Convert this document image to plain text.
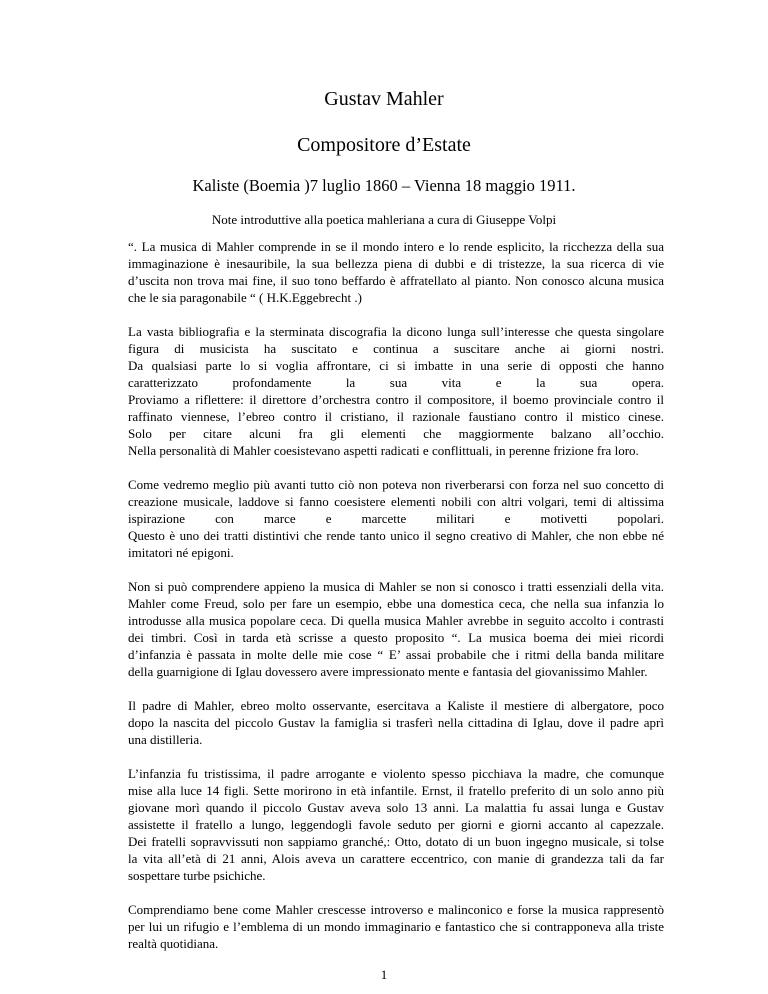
Gustav Mahler
Compositore d’Estate
Kaliste (Boemia )7 luglio 1860 – Vienna 18 maggio 1911.
Note introduttive alla poetica mahleriana a cura di Giuseppe Volpi
“. La musica di Mahler comprende in se il mondo intero e lo rende esplicito, la ricchezza della sua
immaginazione è inesauribile, la sua bellezza piena di dubbi e di tristezze, la sua ricerca di vie
d’uscita non trova mai fine, il suo tono beffardo è affratellato al pianto. Non conosco alcuna musica
che le sia paragonabile “ ( H.K.Eggebrecht .)
La vasta bibliografia e la sterminata discografia la dicono lunga sull’interesse che questa singolare
figura di musicista ha suscitato e continua a suscitare anche ai giorni nostri.
Da qualsiasi parte lo si voglia affrontare, ci si imbatte in una serie di opposti che hanno
caratterizzato profondamente la sua vita e la sua opera.
Proviamo a riflettere: il direttore d’orchestra contro il compositore, il boemo provinciale contro il
raffinato viennese, l’ebreo contro il cristiano, il razionale faustiano contro il mistico cinese.
Solo per citare alcuni fra gli elementi che maggiormente balzano all’occhio.
Nella personalità di Mahler coesistevano aspetti radicati e conflittuali, in perenne frizione fra loro.
Come vedremo meglio più avanti tutto ciò non poteva non riverberarsi con forza nel suo concetto di
creazione musicale, laddove si fanno coesistere elementi nobili con altri volgari, temi di altissima
ispirazione con marce e marcette militari e motivetti popolari.
Questo è uno dei tratti distintivi che rende tanto unico il segno creativo di Mahler, che non ebbe né
imitatori né epigoni.
Non si può comprendere appieno la musica di Mahler se non si conosco i tratti essenziali della vita.
Mahler come Freud, solo per fare un esempio, ebbe una domestica ceca, che nella sua infanzia lo
introdusse alla musica popolare ceca. Di quella musica Mahler avrebbe in seguito accolto i contrasti
dei timbri. Così in tarda età scrisse a questo proposito “. La musica boema dei miei ricordi
d’infanzia è passata in molte delle mie cose “ E’ assai probabile che i ritmi della banda militare
della guarnigione di Iglau dovessero avere impressionato mente e fantasia del giovanissimo Mahler.
Il padre di Mahler, ebreo molto osservante, esercitava a Kaliste il mestiere di albergatore, poco
dopo la nascita del piccolo Gustav la famiglia si trasferì nella cittadina di Iglau, dove il padre aprì
una distilleria.
L’infanzia fu tristissima, il padre arrogante e violento spesso picchiava la madre, che comunque
mise alla luce 14 figli. Sette morirono in età infantile. Ernst, il fratello preferito di un solo anno più
giovane morì quando il piccolo Gustav aveva solo 13 anni. La malattia fu assai lunga e Gustav
assistette il fratello a lungo, leggendogli favole seduto per giorni e giorni accanto al capezzale.
Dei fratelli sopravvissuti non sappiamo granché,: Otto, dotato di un buon ingegno musicale, si tolse
la vita all’età di 21 anni, Alois aveva un carattere eccentrico, con manie di grandezza tali da far
sospettare turbe psichiche.
Comprendiamo bene come Mahler crescesse introverso e malinconico e forse la musica rappresentò
per lui un rifugio e l’emblema di un mondo immaginario e fantastico che si contrapponeva alla triste
realtà quotidiana.
1
